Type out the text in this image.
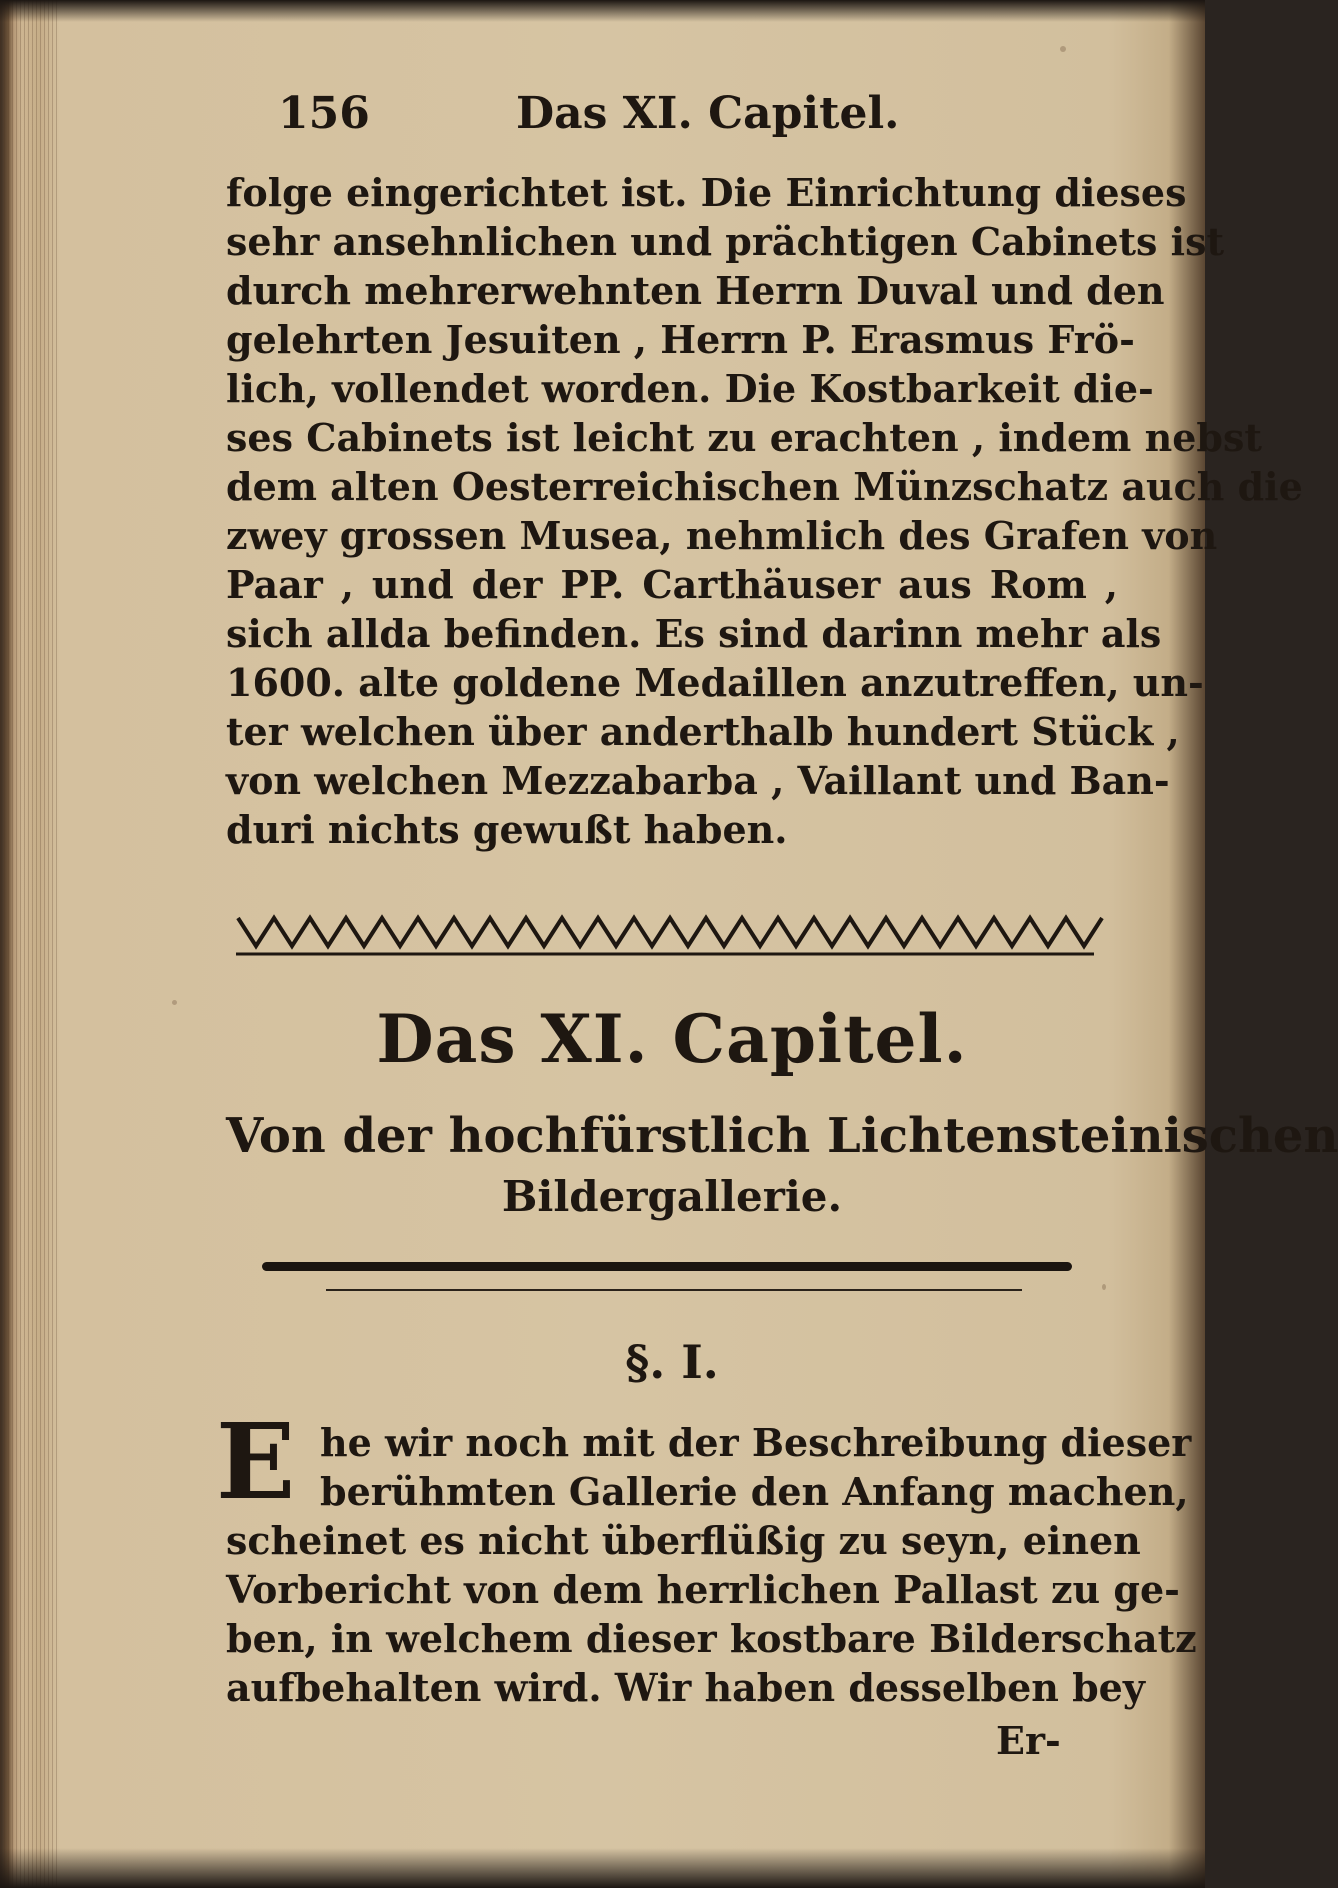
156	Das XI. Capitel.
folge eingerichtet ist. Die Einrichtung dieses
sehr ansehnlichen und prächtigen Cabinets ist
durch mehrerwehnten Herrn Duval und den
gelehrten Jesuiten , Herrn P. Erasmus Frö-
lich, vollendet worden. Die Kostbarkeit die-
ses Cabinets ist leicht zu erachten , indem nebst
dem alten Oesterreichischen Münzschatz auch die
zwey grossen Musea, nehmlich des Grafen von
Paar , und der PP. Carthäuser aus Rom ,
sich allda befinden. Es sind darinn mehr als
1600. alte goldene Medaillen anzutreffen, un-
ter welchen über anderthalb hundert Stück ,
von welchen Mezzabarba , Vaillant und Ban-
duri nichts gewußt haben.
Das XI. Capitel.
Von der hochfürstlich Lichtensteinischen
Bildergallerie.
§. I.
E he wir noch mit der Beschreibung dieser
berühmten Gallerie den Anfang machen,
scheinet es nicht überflüßig zu seyn, einen
Vorbericht von dem herrlichen Pallast zu ge-
ben, in welchem dieser kostbare Bilderschatz
aufbehalten wird. Wir haben desselben bey
Er-
